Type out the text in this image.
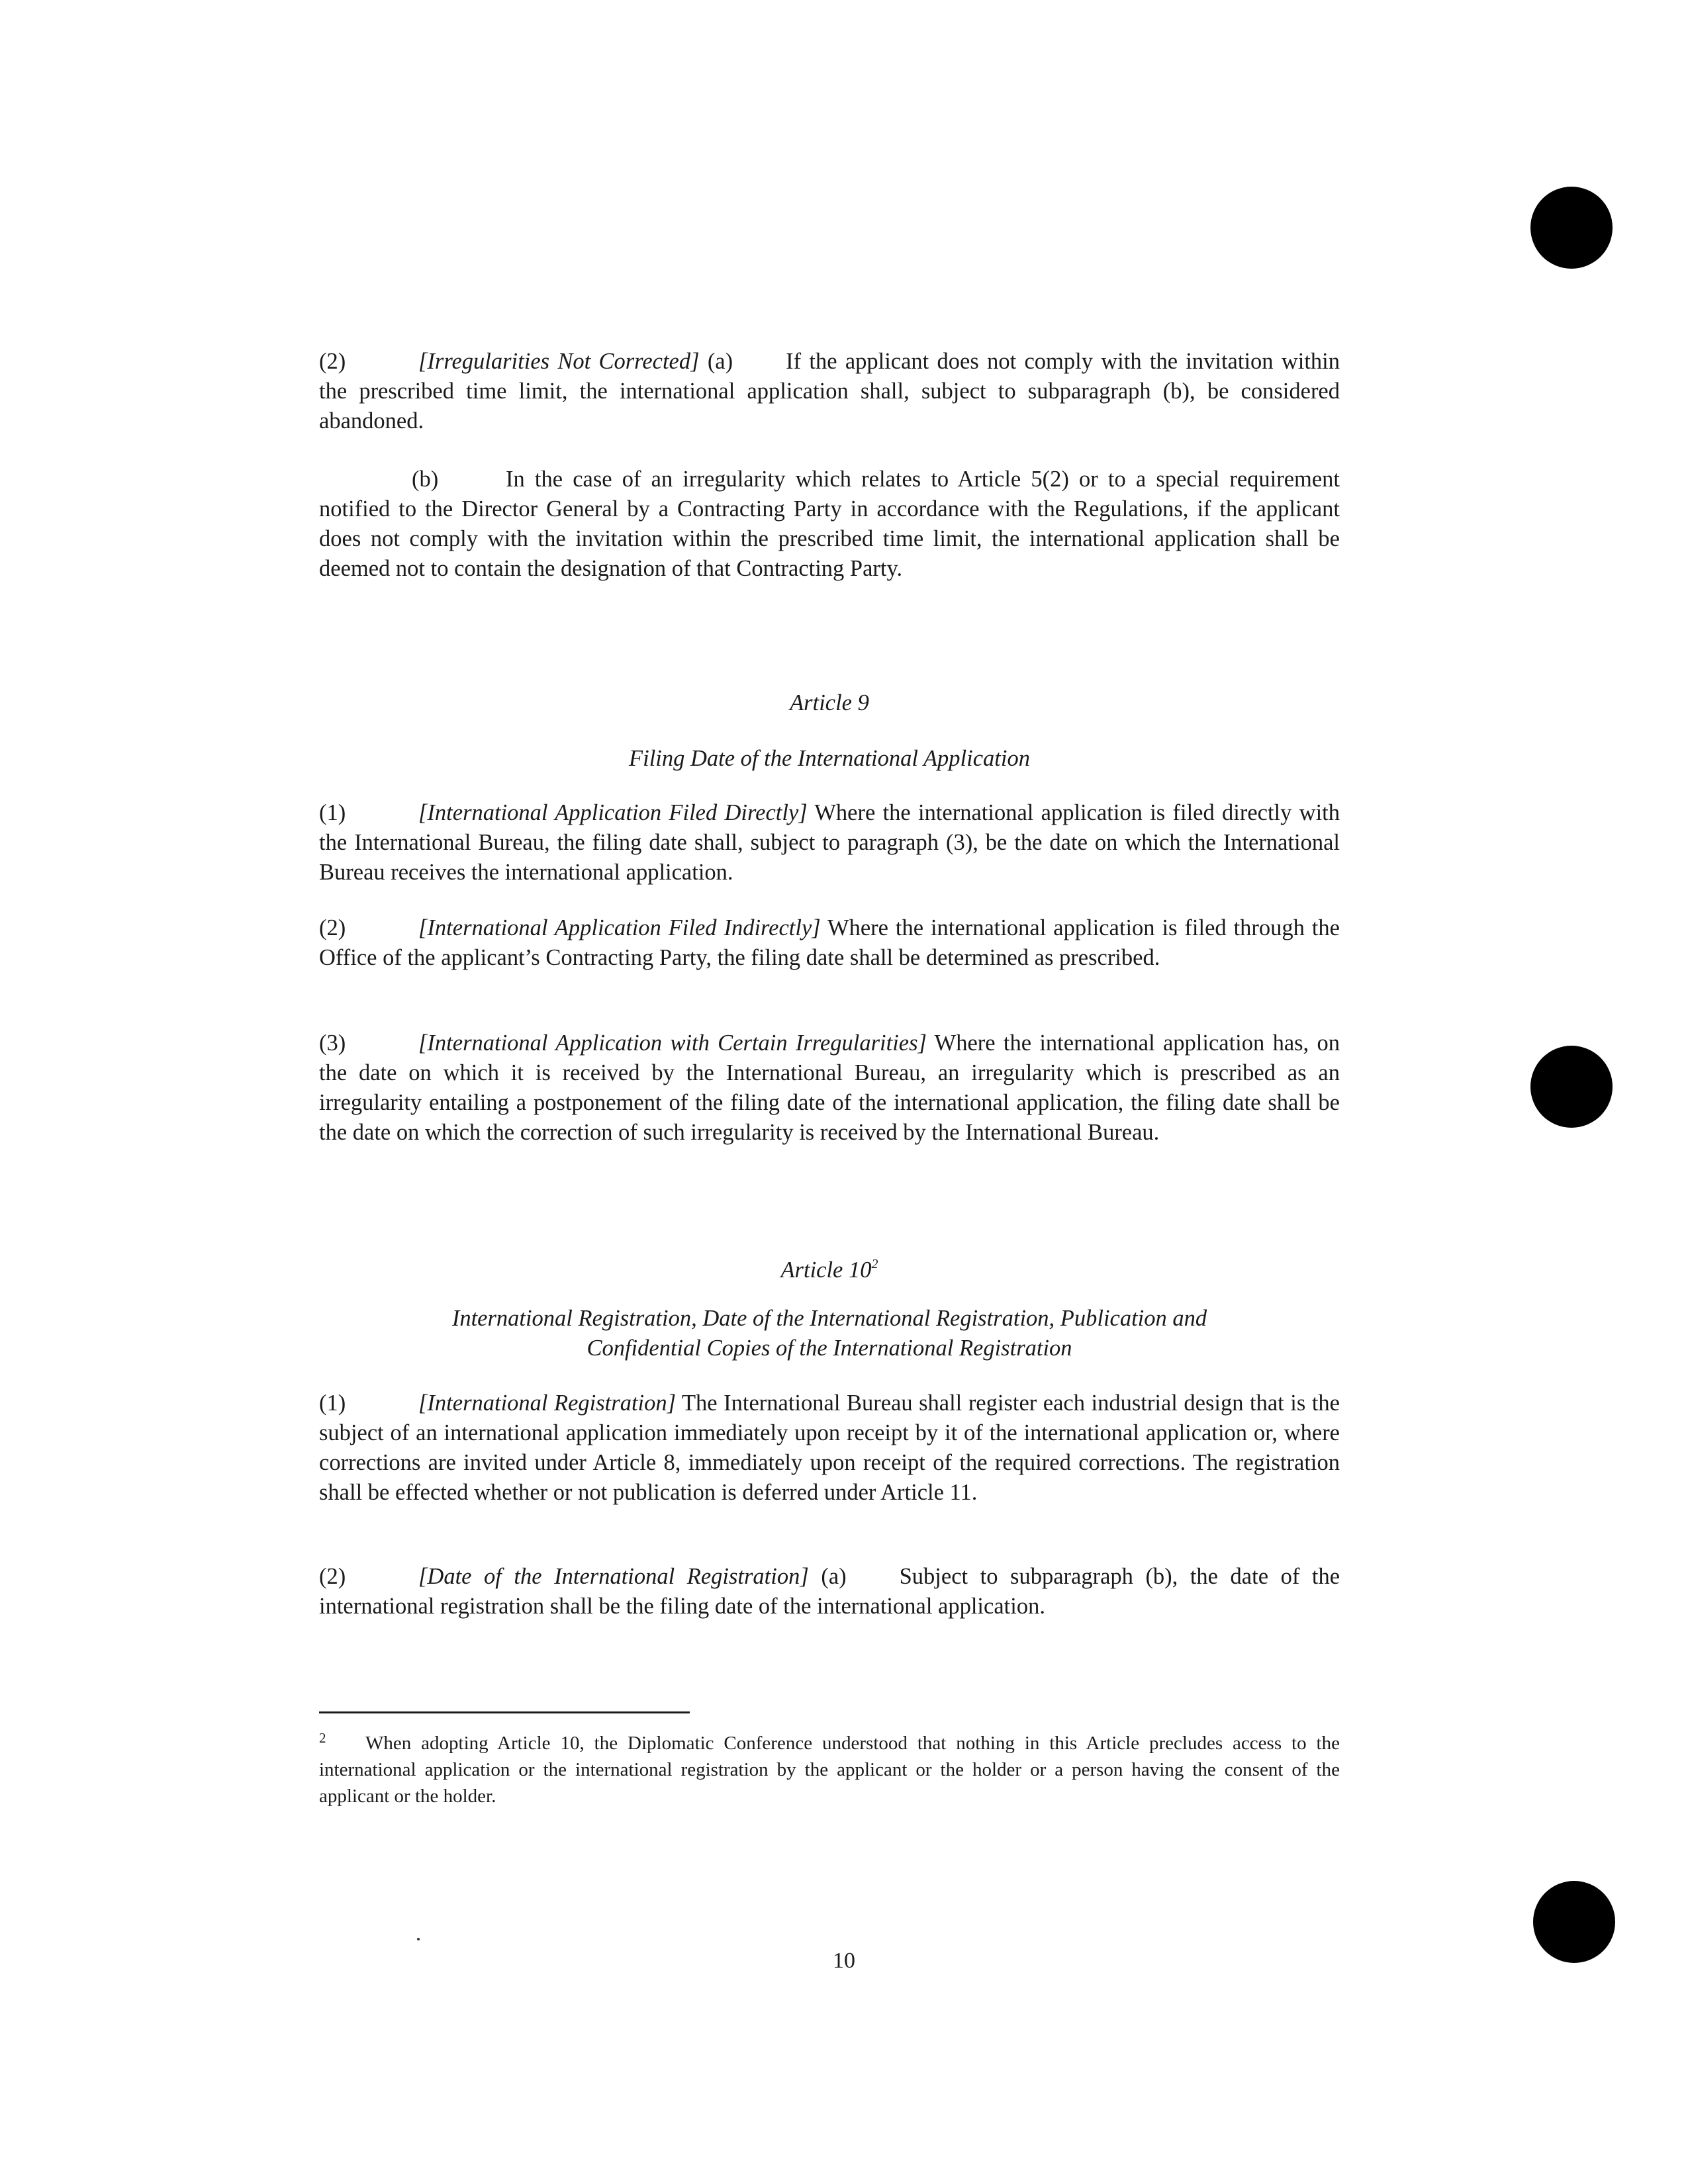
(2)	[Irregularities Not Corrected] (a) If the applicant does not comply with the invitation within the prescribed time limit, the international application shall, subject to subparagraph (b), be considered abandoned.

(b)	In the case of an irregularity which relates to Article 5(2) or to a special requirement notified to the Director General by a Contracting Party in accordance with the Regulations, if the applicant does not comply with the invitation within the prescribed time limit, the international application shall be deemed not to contain the designation of that Contracting Party.

Article 9
Filing Date of the International Application

(1)	[International Application Filed Directly] Where the international application is filed directly with the International Bureau, the filing date shall, subject to paragraph (3), be the date on which the International Bureau receives the international application.

(2)	[International Application Filed Indirectly] Where the international application is filed through the Office of the applicant’s Contracting Party, the filing date shall be determined as prescribed.

(3)	[International Application with Certain Irregularities] Where the international application has, on the date on which it is received by the International Bureau, an irregularity which is prescribed as an irregularity entailing a postponement of the filing date of the international application, the filing date shall be the date on which the correction of such irregularity is received by the International Bureau.

Article $10^2$
International Registration, Date of the International Registration, Publication and
Confidential Copies of the International Registration

(1)	[International Registration] The International Bureau shall register each industrial design that is the subject of an international application immediately upon receipt by it of the international application or, where corrections are invited under Article 8, immediately upon receipt of the required corrections. The registration shall be effected whether or not publication is deferred under Article 11.

(2)	[Date of the International Registration] (a) Subject to subparagraph (b), the date of the international registration shall be the filing date of the international application.

2 When adopting Article 10, the Diplomatic Conference understood that nothing in this Article precludes access to the international application or the international registration by the applicant or the holder or a person having the consent of the applicant or the holder.
10
